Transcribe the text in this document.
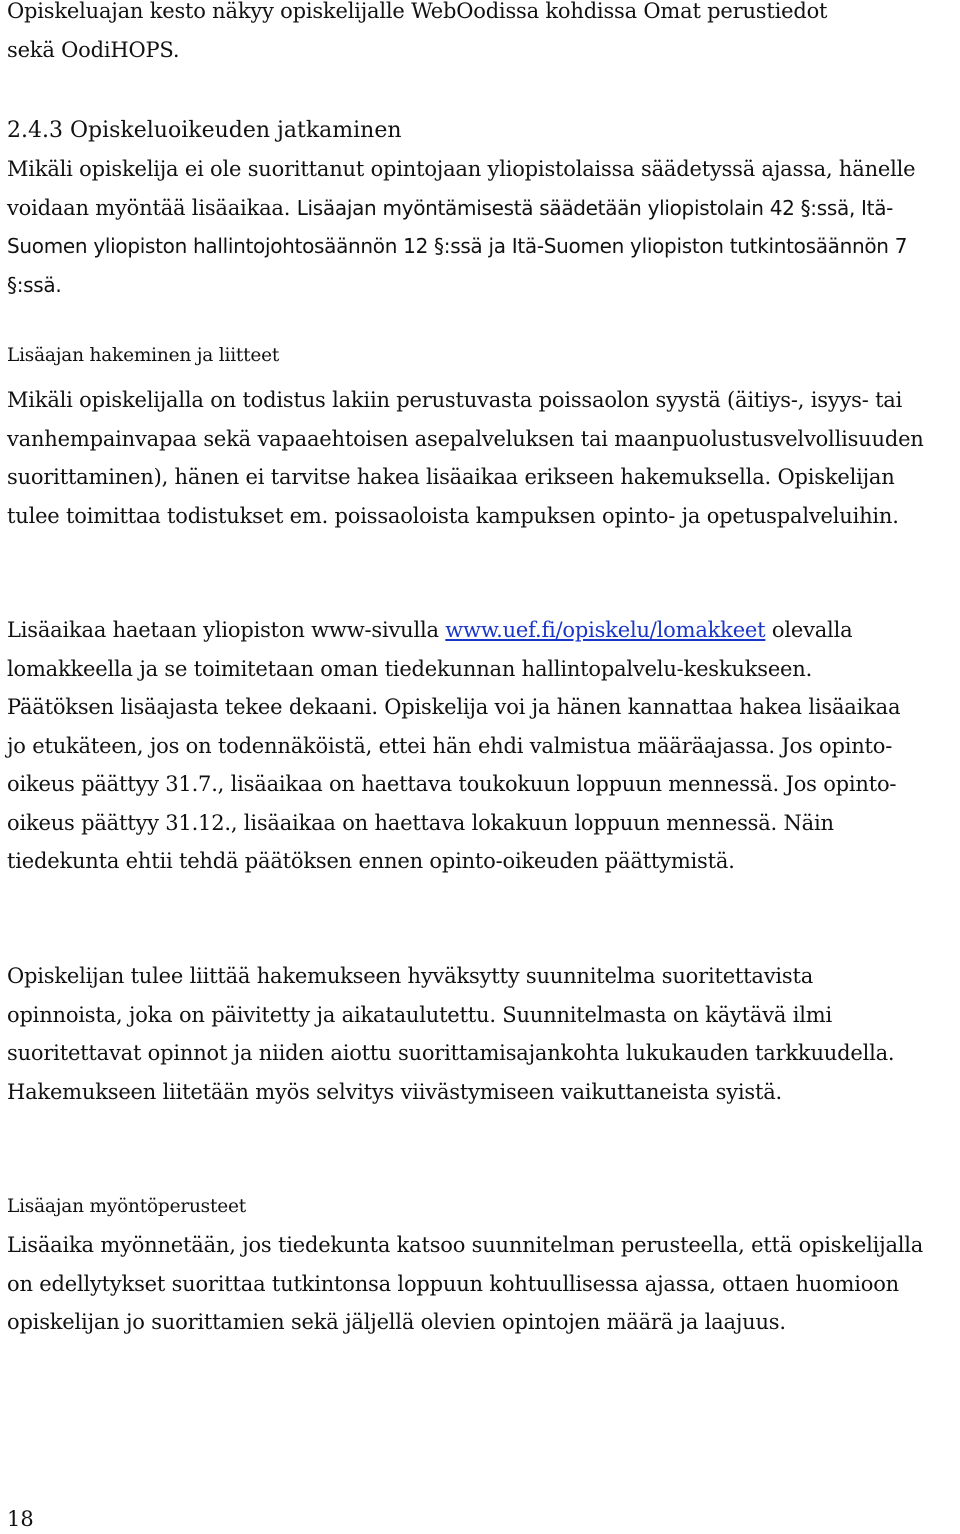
Opiskeluajan kesto näkyy opiskelijalle WebOodissa kohdissa Omat perustiedot
sekä OodiHOPS.

2.4.3 Opiskeluoikeuden jatkaminen

Mikäli opiskelija ei ole suorittanut opintojaan yliopistolaissa säädetyssä ajassa, hänelle voidaan myöntää lisäaikaa. Lisäajan myöntämisestä säädetään yliopistolain 42 §:ssä, Itä-Suomen yliopiston hallintojohtosäännön 12 §:ssä ja Itä-Suomen yliopiston tutkintosäännön 7 §:ssä.

Lisäajan hakeminen ja liitteet

Mikäli opiskelijalla on todistus lakiin perustuvasta poissaolon syystä (äitiys-, isyys- tai vanhempainvapaa sekä vapaaehtoisen asepalveluksen tai maanpuolustusvelvollisuuden suorittaminen), hänen ei tarvitse hakea lisäaikaa erikseen hakemuksella. Opiskelijan tulee toimittaa todistukset em. poissaoloista kampuksen opinto- ja opetuspalveluihin.

Lisäaikaa haetaan yliopiston www-sivulla www.uef.fi/opiskelu/lomakkeet olevalla lomakkeella ja se toimitetaan oman tiedekunnan hallintopalvelu-keskukseen. Päätöksen lisäajasta tekee dekaani. Opiskelija voi ja hänen kannattaa hakea lisäaikaa jo etukäteen, jos on todennäköistä, ettei hän ehdi valmistua määräajassa. Jos opinto-oikeus päättyy 31.7., lisäaikaa on haettava toukokuun loppuun mennessä. Jos opinto-oikeus päättyy 31.12., lisäaikaa on haettava lokakuun loppuun mennessä. Näin tiedekunta ehtii tehdä päätöksen ennen opinto-oikeuden päättymistä.

Opiskelijan tulee liittää hakemukseen hyväksytty suunnitelma suoritettavista opinnoista, joka on päivitetty ja aikataulutettu. Suunnitelmasta on käytävä ilmi suoritettavat opinnot ja niiden aiottu suorittamisajankohta lukukauden tarkkuudella. Hakemukseen liitetään myös selvitys viivästymiseen vaikuttaneista syistä.

Lisäajan myöntöperusteet

Lisäaika myönnetään, jos tiedekunta katsoo suunnitelman perusteella, että opiskelijalla on edellytykset suorittaa tutkintonsa loppuun kohtuullisessa ajassa, ottaen huomioon opiskelijan jo suorittamien sekä jäljellä olevien opintojen määrä ja laajuus.

18
